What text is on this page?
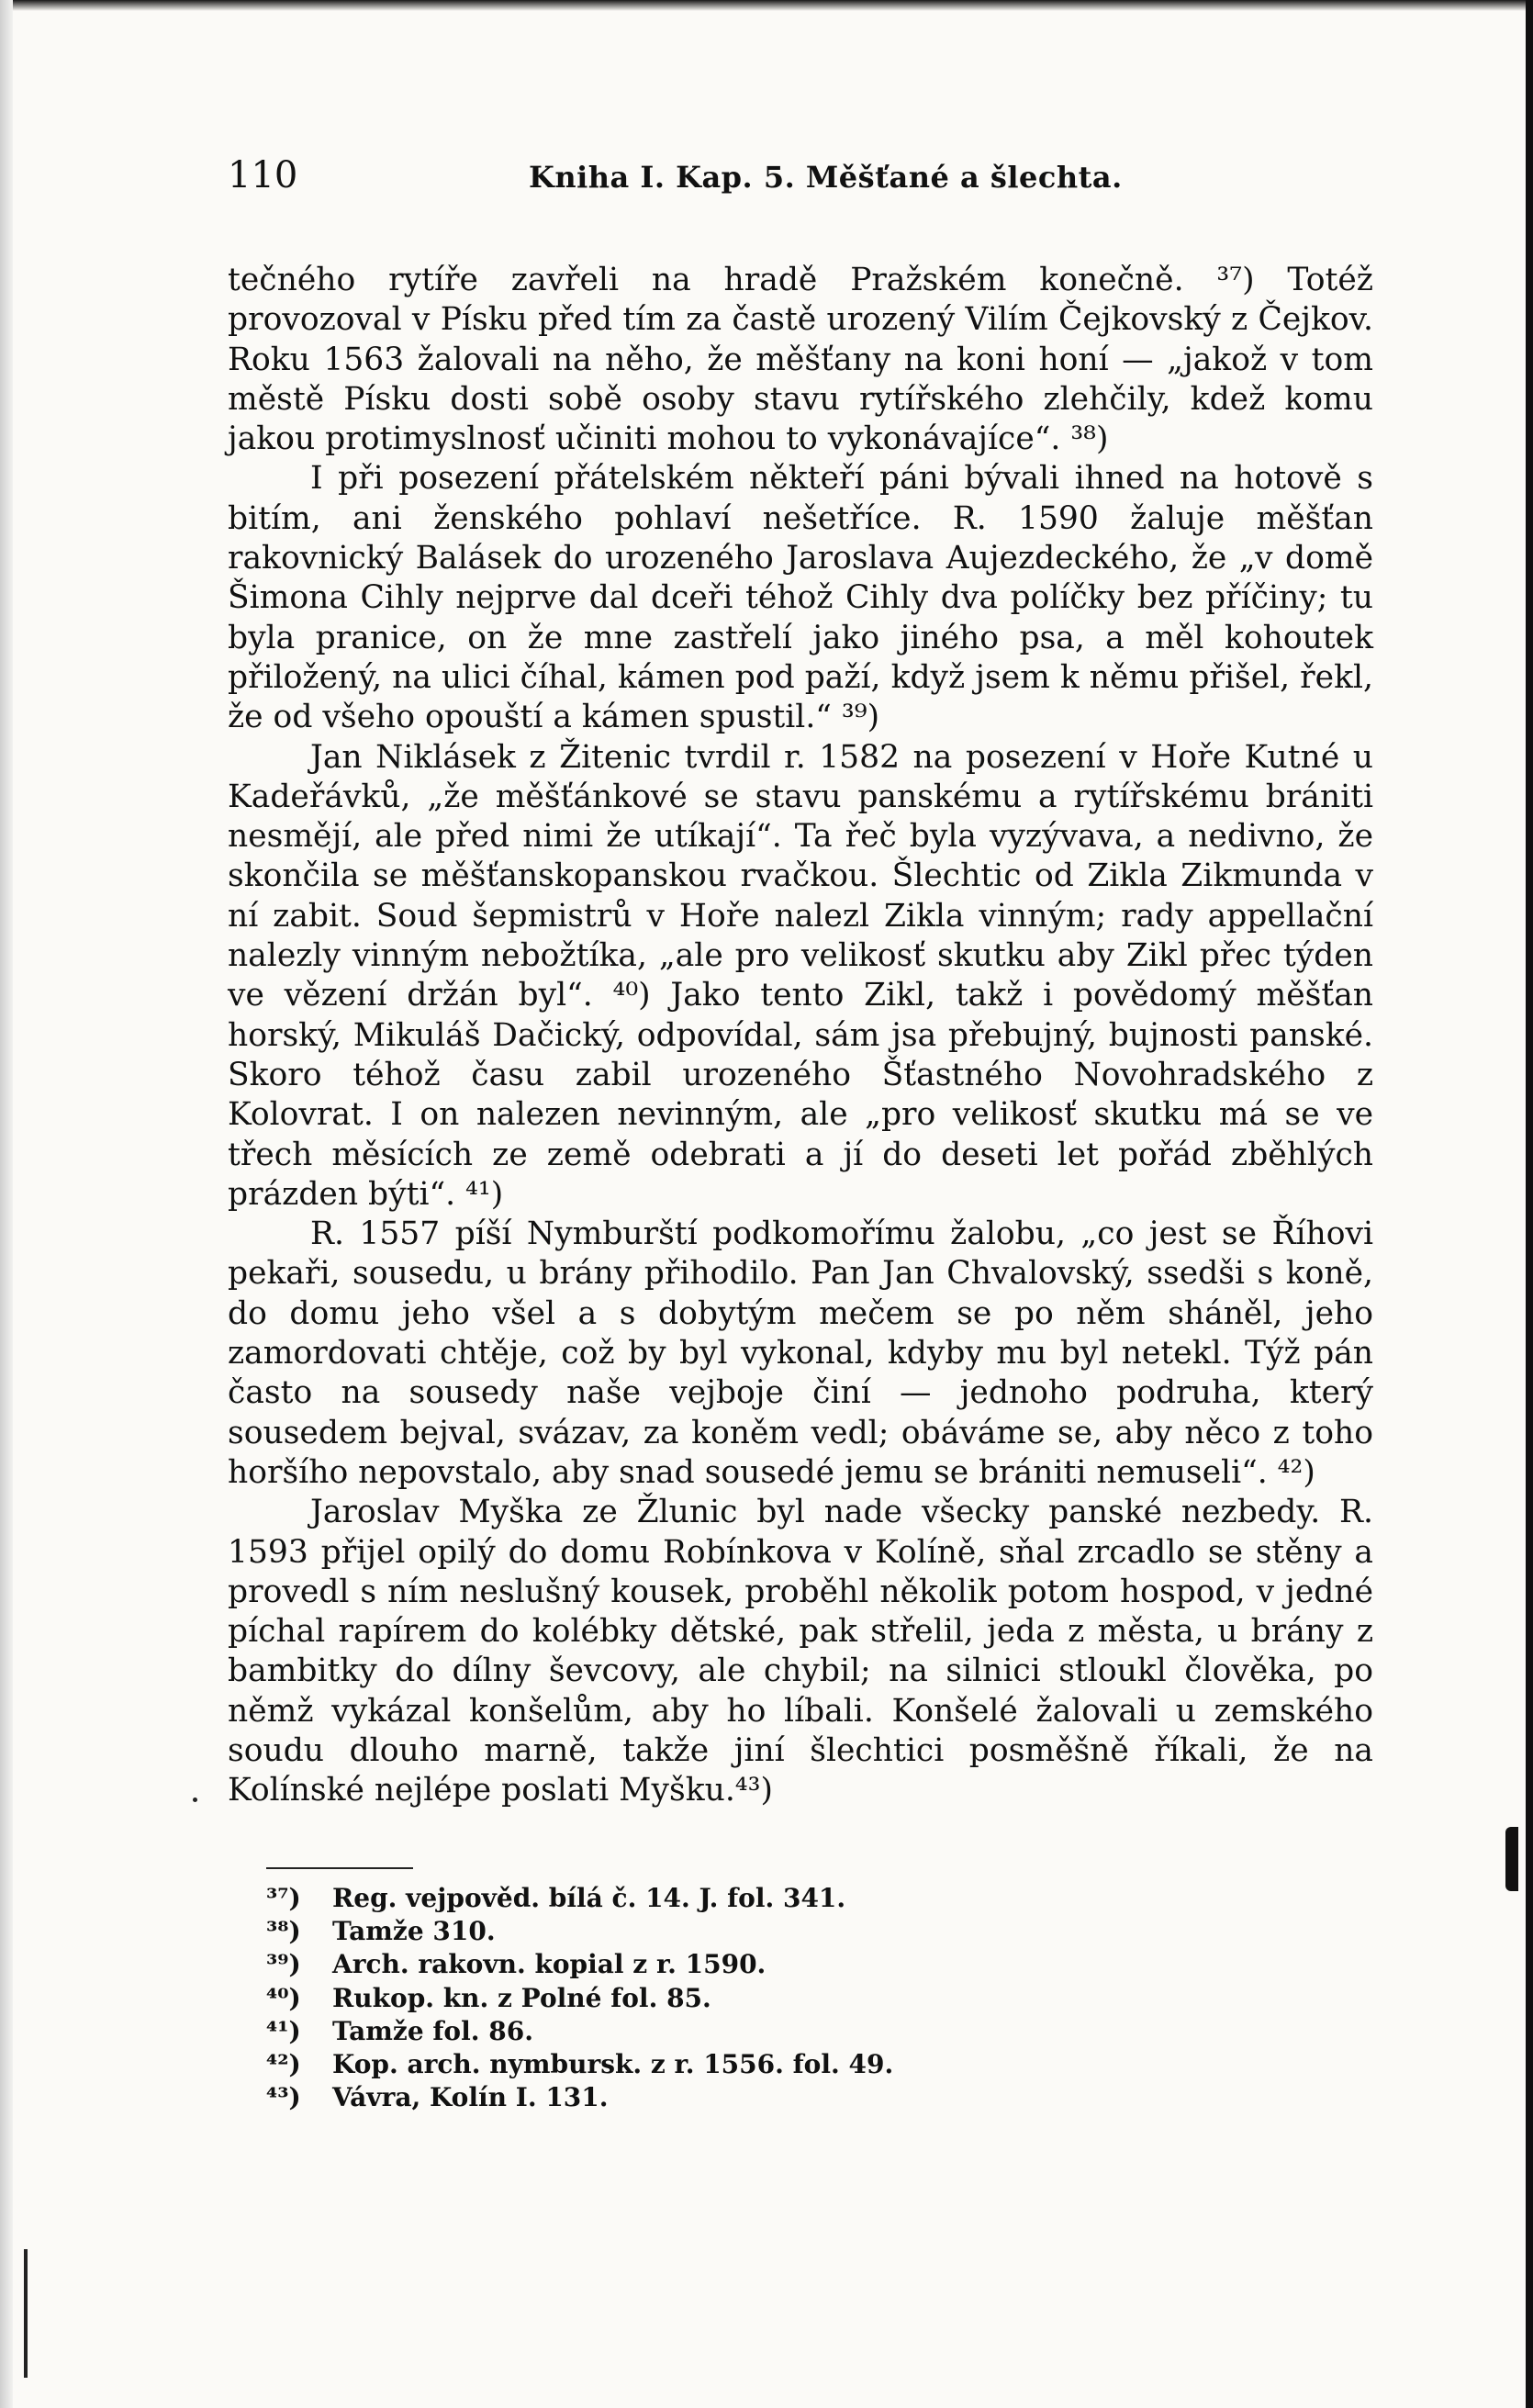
110	Kniha I. Kap. 5. Měšťané a šlechta.

tečného rytíře zavřeli na hradě Pražském konečně. ³⁷) Totéž provozoval v Písku před tím za častě urozený Vilím Čejkovský z Čejkov. Roku 1563 žalovali na něho, že měšťany na koni honí — „jakož v tom městě Písku dosti sobě osoby stavu rytířského zlehčily, kdež komu jakou protimyslnosť učiniti mohou to vykonávajíce“. ³⁸)

I při posezení přátelském někteří páni bývali ihned na hotově s bitím, ani ženského pohlaví nešetříce. R. 1590 žaluje měšťan rakovnický Balásek do urozeného Jaroslava Aujezdeckého, že „v domě Šimona Cihly nejprve dal dceři téhož Cihly dva políčky bez příčiny; tu byla pranice, on že mne zastřelí jako jiného psa, a měl kohoutek přiložený, na ulici číhal, kámen pod paží, když jsem k němu přišel, řekl, že od všeho opouští a kámen spustil.“ ³⁹)

Jan Niklásek z Žitenic tvrdil r. 1582 na posezení v Hoře Kutné u Kadeřávků, „že měšťánkové se stavu panskému a rytířskému brániti nesmějí, ale před nimi že utíkají“. Ta řeč byla vyzývava, a nedivno, že skončila se měšťanskopanskou rvačkou. Šlechtic od Zikla Zikmunda v ní zabit. Soud šepmistrů v Hoře nalezl Zikla vinným; rady appellační nalezly vinným nebožtíka, „ale pro velikosť skutku aby Zikl přec týden ve vězení držán byl“. ⁴⁰) Jako tento Zikl, takž i povědomý měšťan horský, Mikuláš Dačický, odpovídal, sám jsa přebujný, bujnosti panské. Skoro téhož času zabil urozeného Šťastného Novohradského z Kolovrat. I on nalezen nevinným, ale „pro velikosť skutku má se ve třech měsících ze země odebrati a jí do deseti let pořád zběhlých prázden býti“. ⁴¹)

R. 1557 píší Nymburští podkomořímu žalobu, „co jest se Říhovi pekaři, sousedu, u brány přihodilo. Pan Jan Chvalovský, ssedši s koně, do domu jeho všel a s dobytým mečem se po něm sháněl, jeho zamordovati chtěje, což by byl vykonal, kdyby mu byl netekl. Týž pán často na sousedy naše vejboje činí — jednoho podruha, který sousedem bejval, svázav, za koněm vedl; obáváme se, aby něco z toho horšího nepovstalo, aby snad sousedé jemu se brániti nemuseli“. ⁴²)

Jaroslav Myška ze Žlunic byl nade všecky panské nezbedy. R. 1593 přijel opilý do domu Robínkova v Kolíně, sňal zrcadlo se stěny a provedl s ním neslušný kousek, proběhl několik potom hospod, v jedné píchal rapírem do kolébky dětské, pak střelil, jeda z města, u brány z bambitky do dílny ševcovy, ale chybil; na silnici stloukl člověka, po němž vykázal konšelům, aby ho líbali. Konšelé žalovali u zemského soudu dlouho marně, takže jiní šlechtici posměšně říkali, že na Kolínské nejlépe poslati Myšku.⁴³)

³⁷) Reg. vejpověd. bílá č. 14. J. fol. 341.
³⁸) Tamže 310.
³⁹) Arch. rakovn. kopial z r. 1590.
⁴⁰) Rukop. kn. z Polné fol. 85.
⁴¹) Tamže fol. 86.
⁴²) Kop. arch. nymbursk. z r. 1556. fol. 49.
⁴³) Vávra, Kolín I. 131.
